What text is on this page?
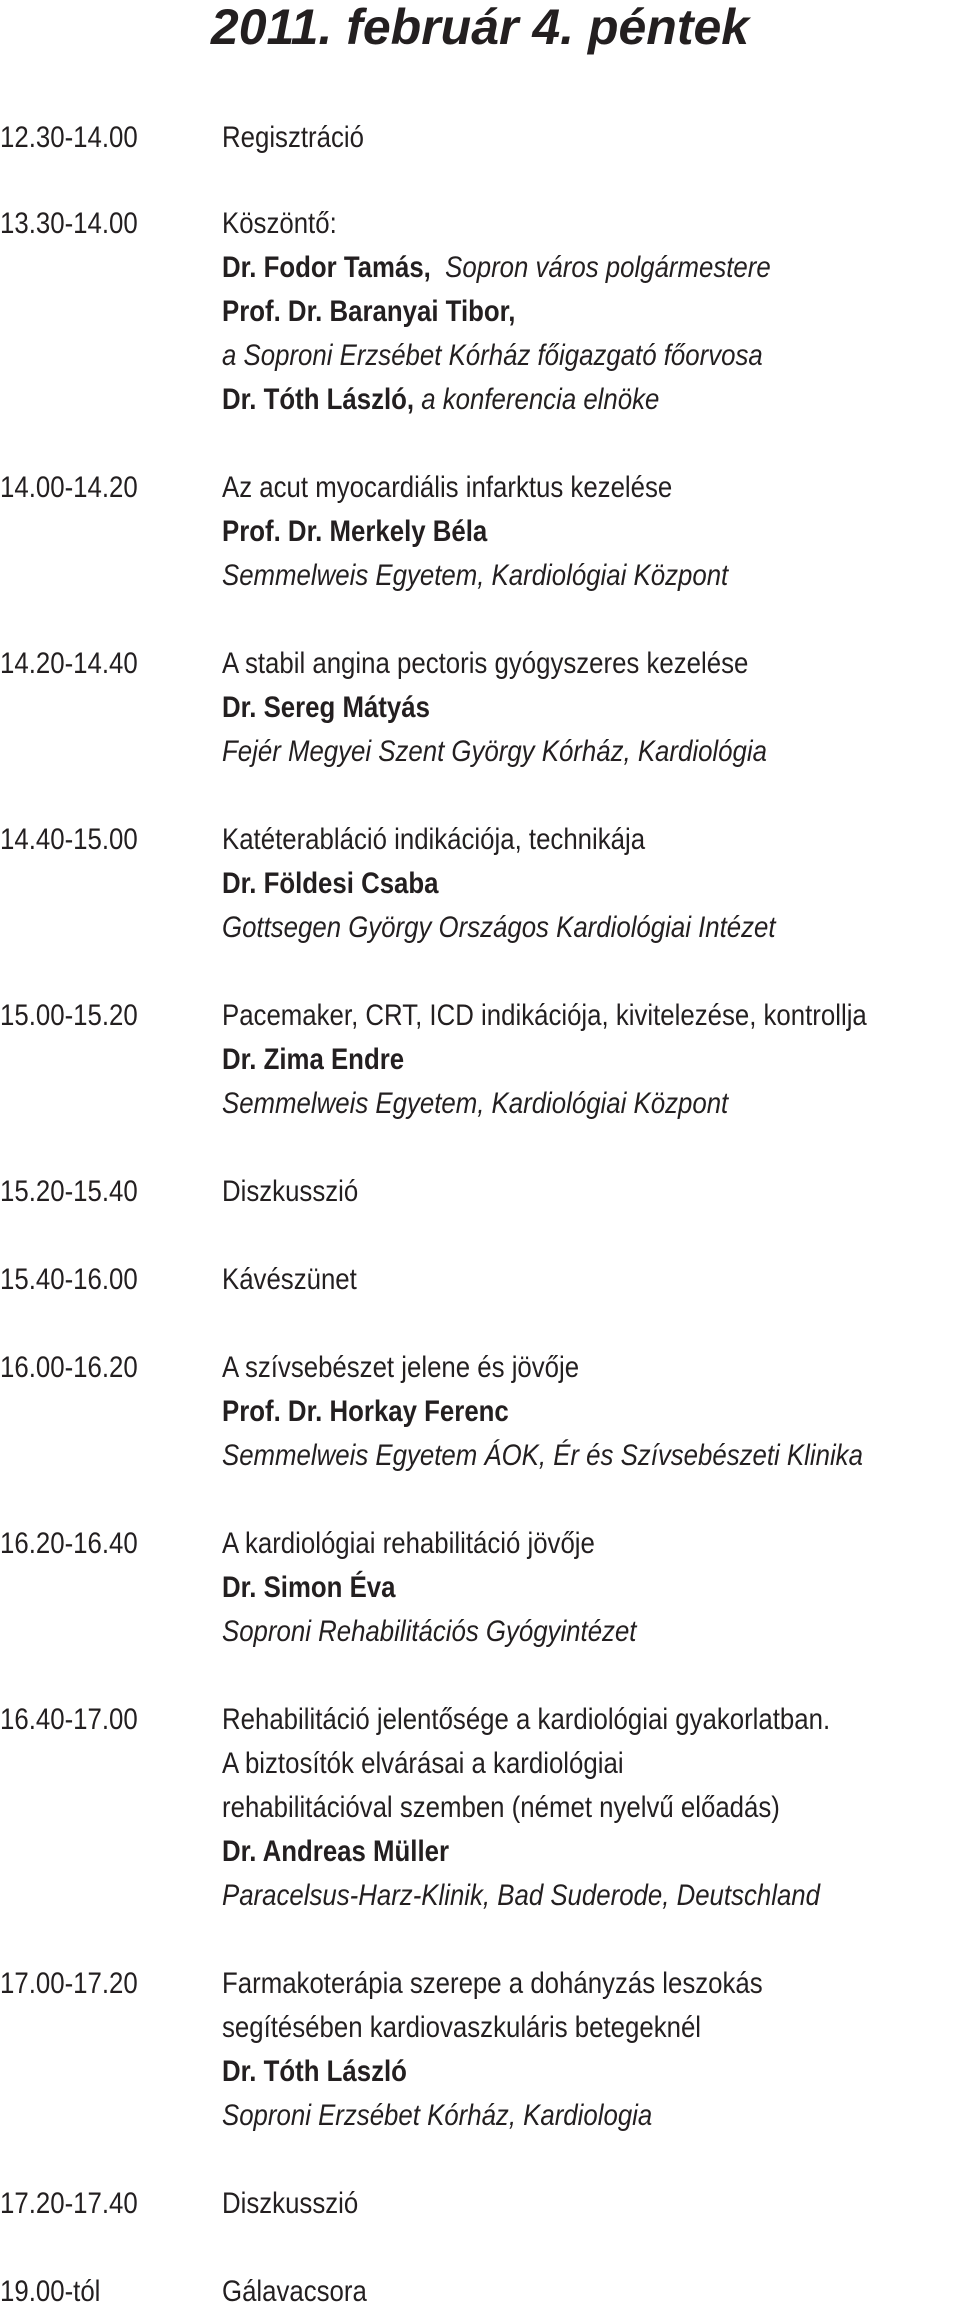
2011. február 4. péntek
12.30-14.00	Regisztráció
13.30-14.00	Köszöntő:
Dr. Fodor Tamás, Sopron város polgármestere
Prof. Dr. Baranyai Tibor,
a Soproni Erzsébet Kórház főigazgató főorvosa
Dr. Tóth László, a konferencia elnöke
14.00-14.20	Az acut myocardiális infarktus kezelése
Prof. Dr. Merkely Béla
Semmelweis Egyetem, Kardiológiai Központ
14.20-14.40	A stabil angina pectoris gyógyszeres kezelése
Dr. Sereg Mátyás
Fejér Megyei Szent György Kórház, Kardiológia
14.40-15.00	Katéterabláció indikációja, technikája
Dr. Földesi Csaba
Gottsegen György Országos Kardiológiai Intézet
15.00-15.20	Pacemaker, CRT, ICD indikációja, kivitelezése, kontrollja
Dr. Zima Endre
Semmelweis Egyetem, Kardiológiai Központ
15.20-15.40	Diszkusszió
15.40-16.00	Kávészünet
16.00-16.20	A szívsebészet jelene és jövője
Prof. Dr. Horkay Ferenc
Semmelweis Egyetem ÁOK, Ér és Szívsebészeti Klinika
16.20-16.40	A kardiológiai rehabilitáció jövője
Dr. Simon Éva
Soproni Rehabilitációs Gyógyintézet
16.40-17.00	Rehabilitáció jelentősége a kardiológiai gyakorlatban.
A biztosítók elvárásai a kardiológiai
rehabilitációval szemben (német nyelvű előadás)
Dr. Andreas Müller
Paracelsus-Harz-Klinik, Bad Suderode, Deutschland
17.00-17.20	Farmakoterápia szerepe a dohányzás leszokás
segítésében kardiovaszkuláris betegeknél
Dr. Tóth László
Soproni Erzsébet Kórház, Kardiologia
17.20-17.40	Diszkusszió
19.00-tól	Gálavacsora
